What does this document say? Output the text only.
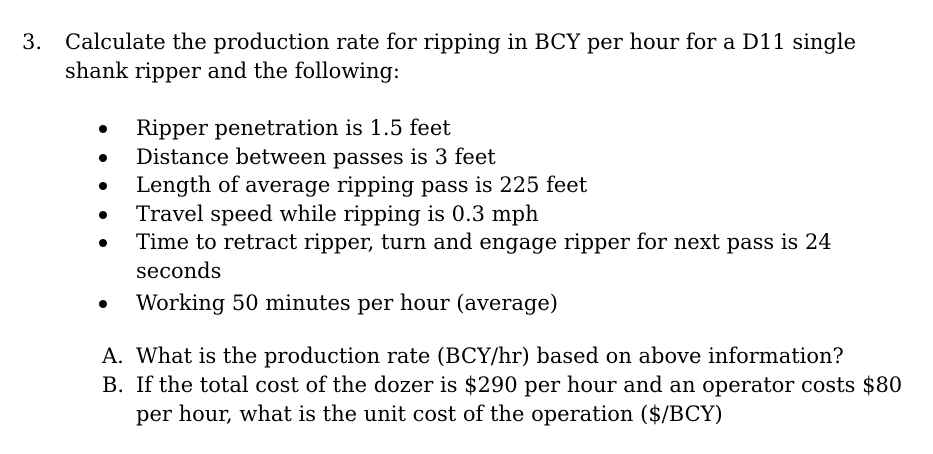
3. Calculate the production rate for ripping in BCY per hour for a D11 single shank ripper and the following:
Ripper penetration is 1.5 feet
Distance between passes is 3 feet
Length of average ripping pass is 225 feet
Travel speed while ripping is 0.3 mph
Time to retract ripper, turn and engage ripper for next pass is 24 seconds
Working 50 minutes per hour (average)
A. What is the production rate (BCY/hr) based on above information?
B. If the total cost of the dozer is $290 per hour and an operator costs $80 per hour, what is the unit cost of the operation ($/BCY)
